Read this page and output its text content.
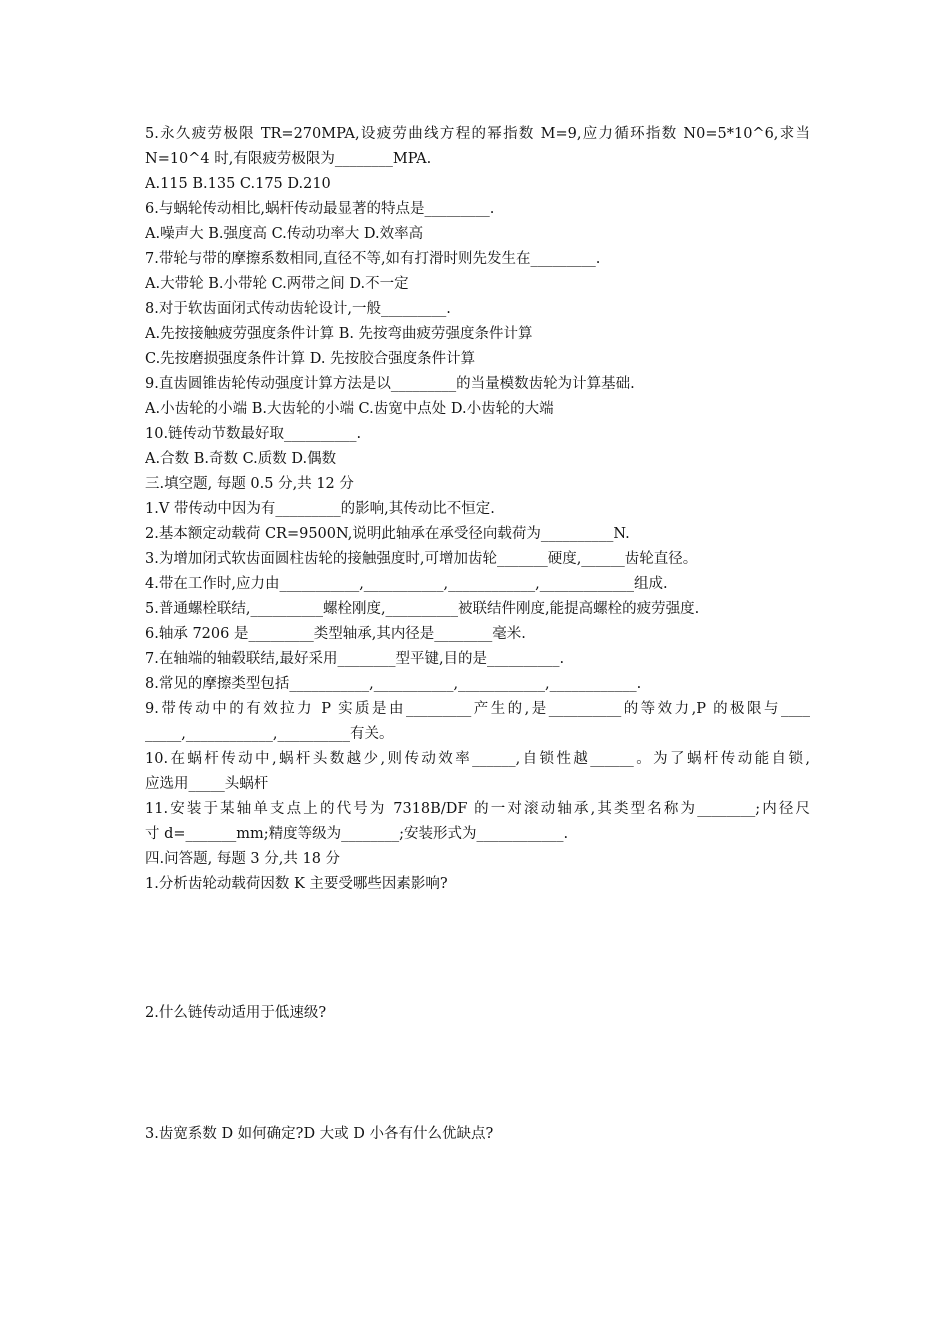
5.永久疲劳极限 TR=270MPA,设疲劳曲线方程的幂指数 M=9,应力循环指数 N0=5*10^6,求当
N=10^4 时,有限疲劳极限为________MPA.
A.115 B.135 C.175 D.210
6.与蜗轮传动相比,蜗杆传动最显著的特点是_________.
A.噪声大 B.强度高 C.传动功率大 D.效率高
7.带轮与带的摩擦系数相同,直径不等,如有打滑时则先发生在_________.
A.大带轮 B.小带轮 C.两带之间 D.不一定
8.对于软齿面闭式传动齿轮设计,一般_________.
A.先按接触疲劳强度条件计算 B. 先按弯曲疲劳强度条件计算
C.先按磨损强度条件计算 D. 先按胶合强度条件计算
9.直齿圆锥齿轮传动强度计算方法是以_________的当量模数齿轮为计算基础.
A.小齿轮的小端 B.大齿轮的小端 C.齿宽中点处 D.小齿轮的大端
10.链传动节数最好取__________.
A.合数 B.奇数 C.质数 D.偶数
三.填空题, 每题 0.5 分,共 12 分
1.V 带传动中因为有_________的影响,其传动比不恒定.
2.基本额定动载荷 CR=9500N,说明此轴承在承受径向载荷为__________N.
3.为增加闭式软齿面圆柱齿轮的接触强度时,可增加齿轮_______硬度,______齿轮直径。
4.带在工作时,应力由___________,___________,____________,_____________组成.
5.普通螺栓联结,__________螺栓刚度,__________被联结件刚度,能提高螺栓的疲劳强度.
6.轴承 7206 是_________类型轴承,其内径是________毫米.
7.在轴端的轴毂联结,最好采用________型平键,目的是__________.
8.常见的摩擦类型包括___________,___________,____________,____________.
9.带传动中的有效拉力 P 实质是由_________产生的,是__________的等效力,P 的极限与____
_____,____________,__________有关。
10.在蜗杆传动中,蜗杆头数越少,则传动效率______,自锁性越______。为了蜗杆传动能自锁,
应选用_____头蜗杆
11.安装于某轴单支点上的代号为 7318B/DF 的一对滚动轴承,其类型名称为________;内径尺
寸 d=_______mm;精度等级为________;安装形式为____________.
四.问答题, 每题 3 分,共 18 分
1.分析齿轮动载荷因数 K 主要受哪些因素影响?
2.什么链传动适用于低速级?
3.齿宽系数 D 如何确定?D 大或 D 小各有什么优缺点?
